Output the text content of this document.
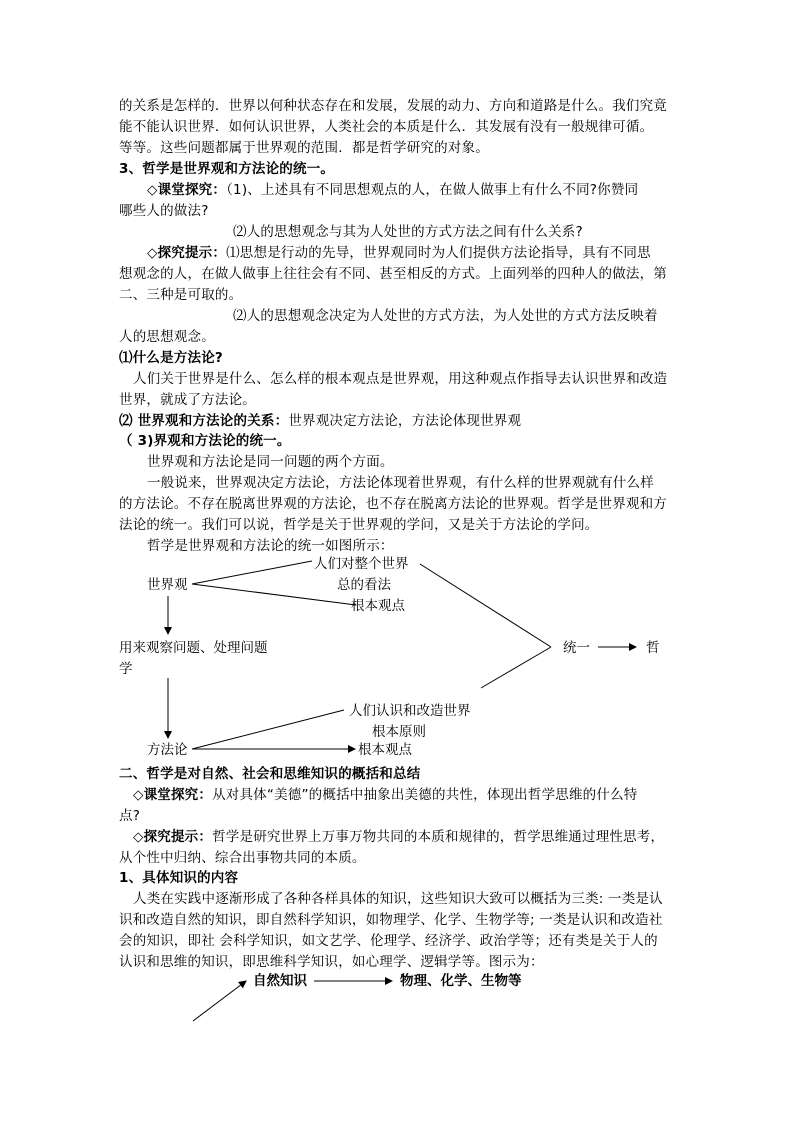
的关系是怎样的．世界以何种状态存在和发展，发展的动力、方向和道路是什么。我们究竟
能不能认识世界．如何认识世界，人类社会的本质是什么．其发展有没有一般规律可循。
等等。这些问题都属于世界观的范围．都是哲学研究的对象。
3、哲学是世界观和方法论的统一。
◇课堂探究：（1)、上述具有不同思想观点的人，在做人做事上有什么不同?你赞同
哪些人的做法?
⑵人的思想观念与其为人处世的方式方法之间有什么关系?
◇探究提示：⑴思想是行动的先导，世界观同时为人们提供方法论指导，具有不同思
想观念的人，在做人做事上往往会有不同、甚至相反的方式。上面列举的四种人的做法，第
二、三种是可取的。
⑵人的思想观念决定为人处世的方式方法，为人处世的方式方法反映着
人的思想观念。
⑴什么是方法论?
人们关于世界是什么、怎么样的根本观点是世界观，用这种观点作指导去认识世界和改造
世界，就成了方法论。
⑵ 世界观和方法论的关系：世界观决定方法论，方法论体现世界观
（ 3)界观和方法论的统一。
世界观和方法论是同一问题的两个方面。
一般说来，世界观决定方法论，方法论体现着世界观，有什么样的世界观就有什么样
的方法论。不存在脱离世界观的方法论，也不存在脱离方法论的世界观。哲学是世界观和方
法论的统一。我们可以说，哲学是关于世界观的学问，又是关于方法论的学问。
哲学是世界观和方法论的统一如图所示：
世界观
人们对整个世界
总的看法
根本观点
用来观察问题、处理问题
学
统一	哲
人们认识和改造世界
根本原则
方法论	根本观点
二、哲学是对自然、社会和思维知识的概括和总结
◇课堂探究：从对具体“美德”的概括中抽象出美德的共性，体现出哲学思维的什么特
点?
◇探究提示：哲学是研究世界上万事万物共同的本质和规律的，哲学思维通过理性思考，
从个性中归纳、综合出事物共同的本质。
1、具体知识的内容
人类在实践中逐渐形成了各种各样具体的知识，这些知识大致可以概括为三类: 一类是认
识和改造自然的知识，即自然科学知识，如物理学、化学、生物学等; 一类是认识和改造社
会的知识，即社 会科学知识，如文艺学、伦理学、经济学、政治学等；还有类是关于人的
认识和思维的知识，即思维科学知识，如心理学、逻辑学等。图示为：
自然知识	物理、化学、生物等
